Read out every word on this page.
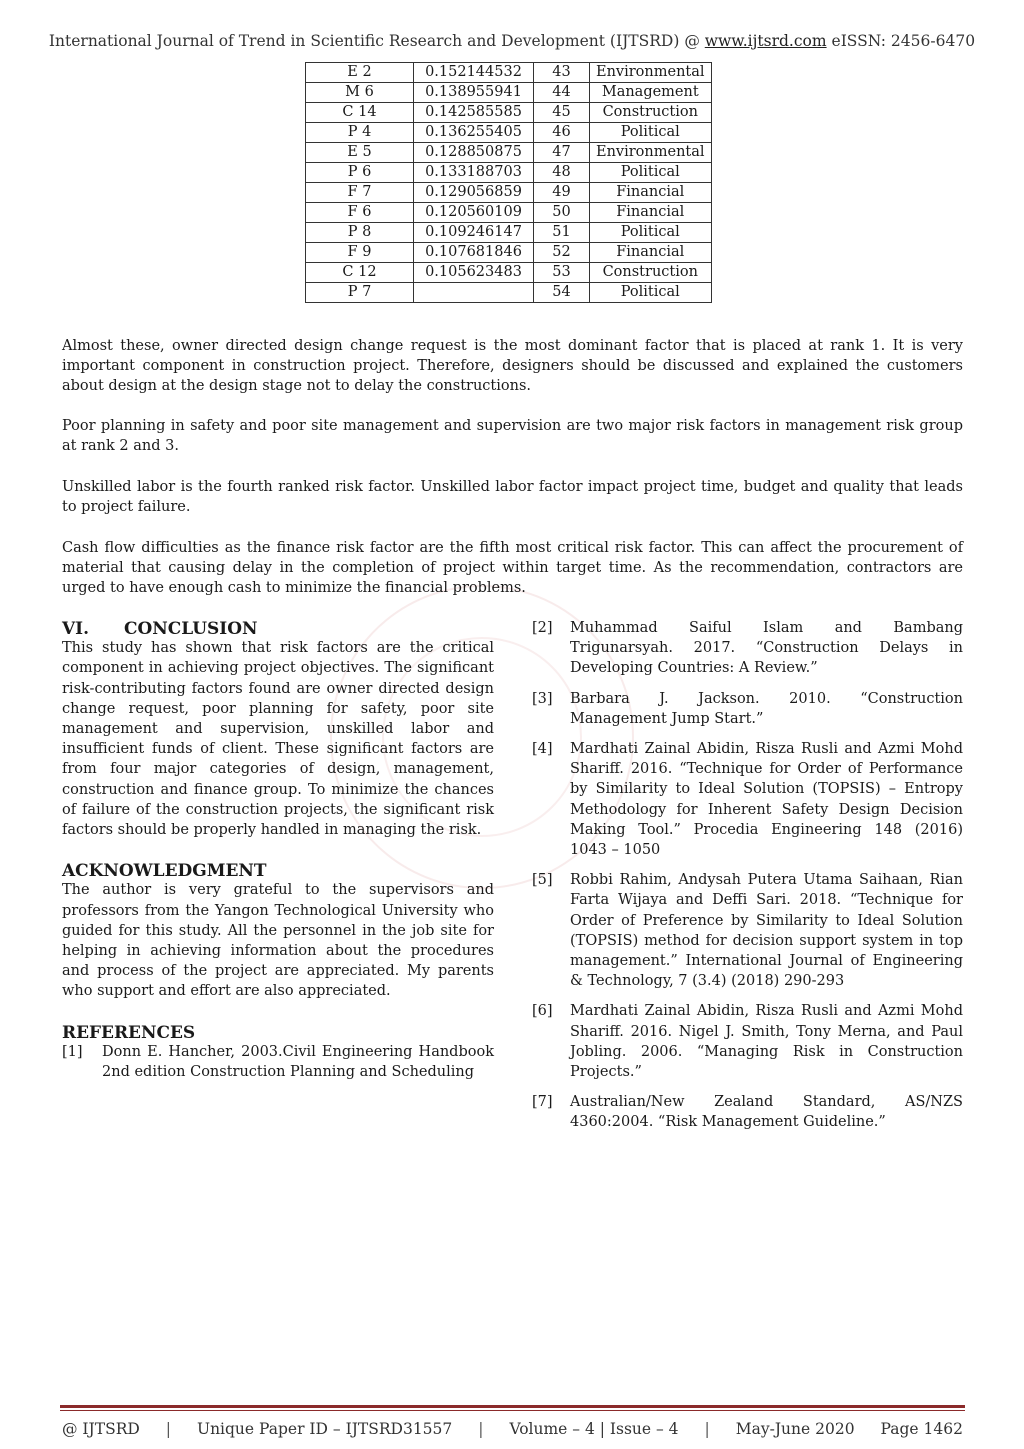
International Journal of Trend in Scientific Research and Development (IJTSRD) @ www.ijtsrd.com eISSN: 2456-6470
E 2	0.152144532	43	Environmental
M 6	0.138955941	44	Management
C 14	0.142585585	45	Construction
P 4	0.136255405	46	Political
E 5	0.128850875	47	Environmental
P 6	0.133188703	48	Political
F 7	0.129056859	49	Financial
F 6	0.120560109	50	Financial
P 8	0.109246147	51	Political
F 9	0.107681846	52	Financial
C 12	0.105623483	53	Construction
P 7		54	Political

Almost these, owner directed design change request is the most dominant factor that is placed at rank 1. It is very important component in construction project. Therefore, designers should be discussed and explained the customers about design at the design stage not to delay the constructions.

Poor planning in safety and poor site management and supervision are two major risk factors in management risk group at rank 2 and 3.

Unskilled labor is the fourth ranked risk factor. Unskilled labor factor impact project time, budget and quality that leads to project failure.

Cash flow difficulties as the finance risk factor are the fifth most critical risk factor. This can affect the procurement of material that causing delay in the completion of project within target time. As the recommendation, contractors are urged to have enough cash to minimize the financial problems.

VI. CONCLUSION

This study has shown that risk factors are the critical component in achieving project objectives. The significant risk-contributing factors found are owner directed design change request, poor planning for safety, poor site management and supervision, unskilled labor and insufficient funds of client. These significant factors are from four major categories of design, management, construction and finance group. To minimize the chances of failure of the construction projects, the significant risk factors should be properly handled in managing the risk.

ACKNOWLEDGMENT

The author is very grateful to the supervisors and professors from the Yangon Technological University who guided for this study. All the personnel in the job site for helping in achieving information about the procedures and process of the project are appreciated. My parents who support and effort are also appreciated.

REFERENCES
[1]	Donn E. Hancher, 2003.Civil Engineering Handbook 2nd edition Construction Planning and Scheduling
[2]	Muhammad Saiful Islam and Bambang Trigunarsyah. 2017. “Construction Delays in Developing Countries: A Review.”
[3]	Barbara J. Jackson. 2010. “Construction Management Jump Start.”
[4]	Mardhati Zainal Abidin, Risza Rusli and Azmi Mohd Shariff. 2016. “Technique for Order of Performance by Similarity to Ideal Solution (TOPSIS) – Entropy Methodology for Inherent Safety Design Decision Making Tool.” Procedia Engineering 148 (2016) 1043 – 1050
[5]	Robbi Rahim, Andysah Putera Utama Saihaan, Rian Farta Wijaya and Deffi Sari. 2018. “Technique for Order of Preference by Similarity to Ideal Solution (TOPSIS) method for decision support system in top management.” International Journal of Engineering & Technology, 7 (3.4) (2018) 290-293
[6]	Mardhati Zainal Abidin, Risza Rusli and Azmi Mohd Shariff. 2016. Nigel J. Smith, Tony Merna, and Paul Jobling. 2006. “Managing Risk in Construction Projects.”
[7]	Australian/New Zealand Standard, AS/NZS 4360:2004. “Risk Management Guideline.”
@ IJTSRD | Unique Paper ID – IJTSRD31557 | Volume – 4 | Issue – 4 | May-June 2020 Page 1462
